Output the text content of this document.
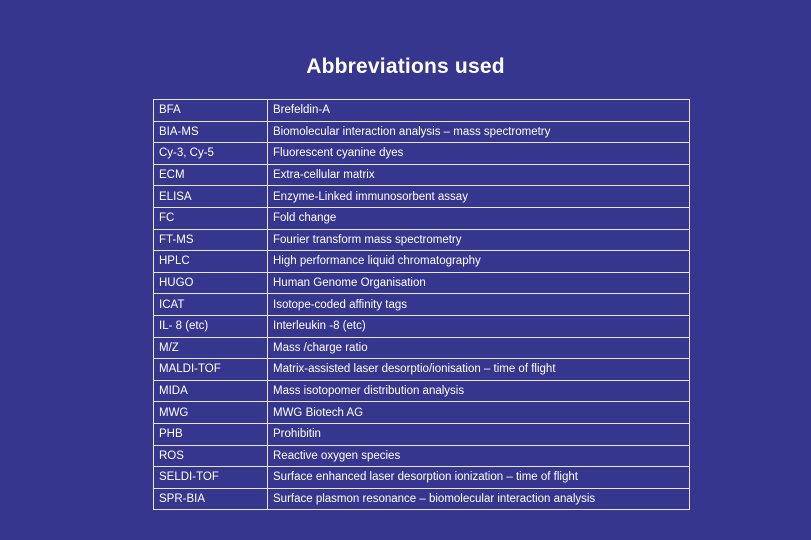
Abbreviations used
BFA	Brefeldin-A
BIA-MS	Biomolecular interaction analysis – mass spectrometry
Cy-3, Cy-5	Fluorescent cyanine dyes
ECM	Extra-cellular matrix
ELISA	Enzyme-Linked immunosorbent assay
FC	Fold change
FT-MS	Fourier transform mass spectrometry
HPLC	High performance liquid chromatography
HUGO	Human Genome Organisation
ICAT	Isotope-coded affinity tags
IL- 8 (etc)	Interleukin -8 (etc)
M/Z	Mass /charge ratio
MALDI-TOF	Matrix-assisted laser desorptio/ionisation – time of flight
MIDA	Mass isotopomer distribution analysis
MWG	MWG Biotech AG
PHB	Prohibitin
ROS	Reactive oxygen species
SELDI-TOF	Surface enhanced laser desorption ionization – time of flight
SPR-BIA	Surface plasmon resonance – biomolecular interaction analysis
